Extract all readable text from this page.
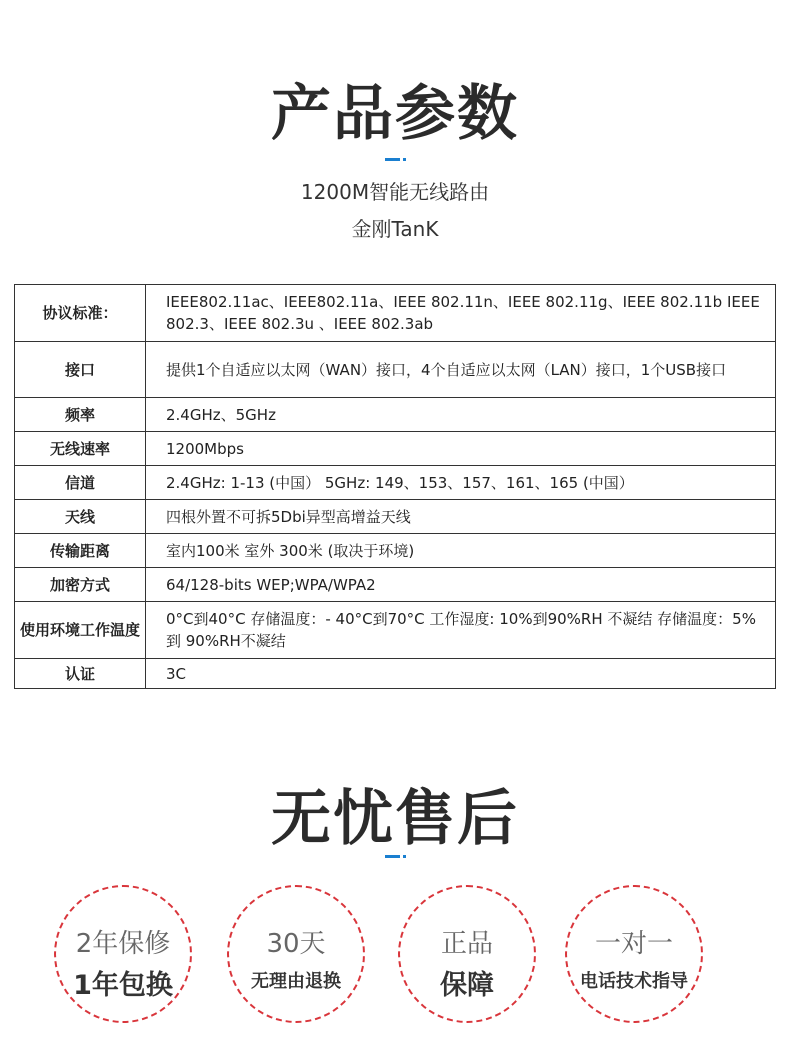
产品参数
1200M智能无线路由
金刚TanK
协议标准：	IEEE802.11ac、IEEE802.11a、IEEE 802.11n、IEEE 802.11g、IEEE 802.11b IEEE 802.3、IEEE 802.3u 、IEEE 802.3ab
接口	提供1个自适应以太网（WAN）接口，4个自适应以太网（LAN）接口，1个USB接口
频率	2.4GHz、5GHz
无线速率	1200Mbps
信道	2.4GHz: 1-13 (中国） 5GHz: 149、153、157、161、165 (中国）
天线	四根外置不可拆5Dbi异型高增益天线
传输距离	室内100米 室外 300米 (取决于环境)
加密方式	64/128-bits WEP;WPA/WPA2
使用环境工作温度	0°C到40°C 存储温度：- 40°C到70°C 工作湿度: 10%到90%RH 不凝结 存储温度：5%到 90%RH不凝结
认证	3C
无忧售后
2年保修
1年包换
30天
无理由退换
正品
保障
一对一
电话技术指导
